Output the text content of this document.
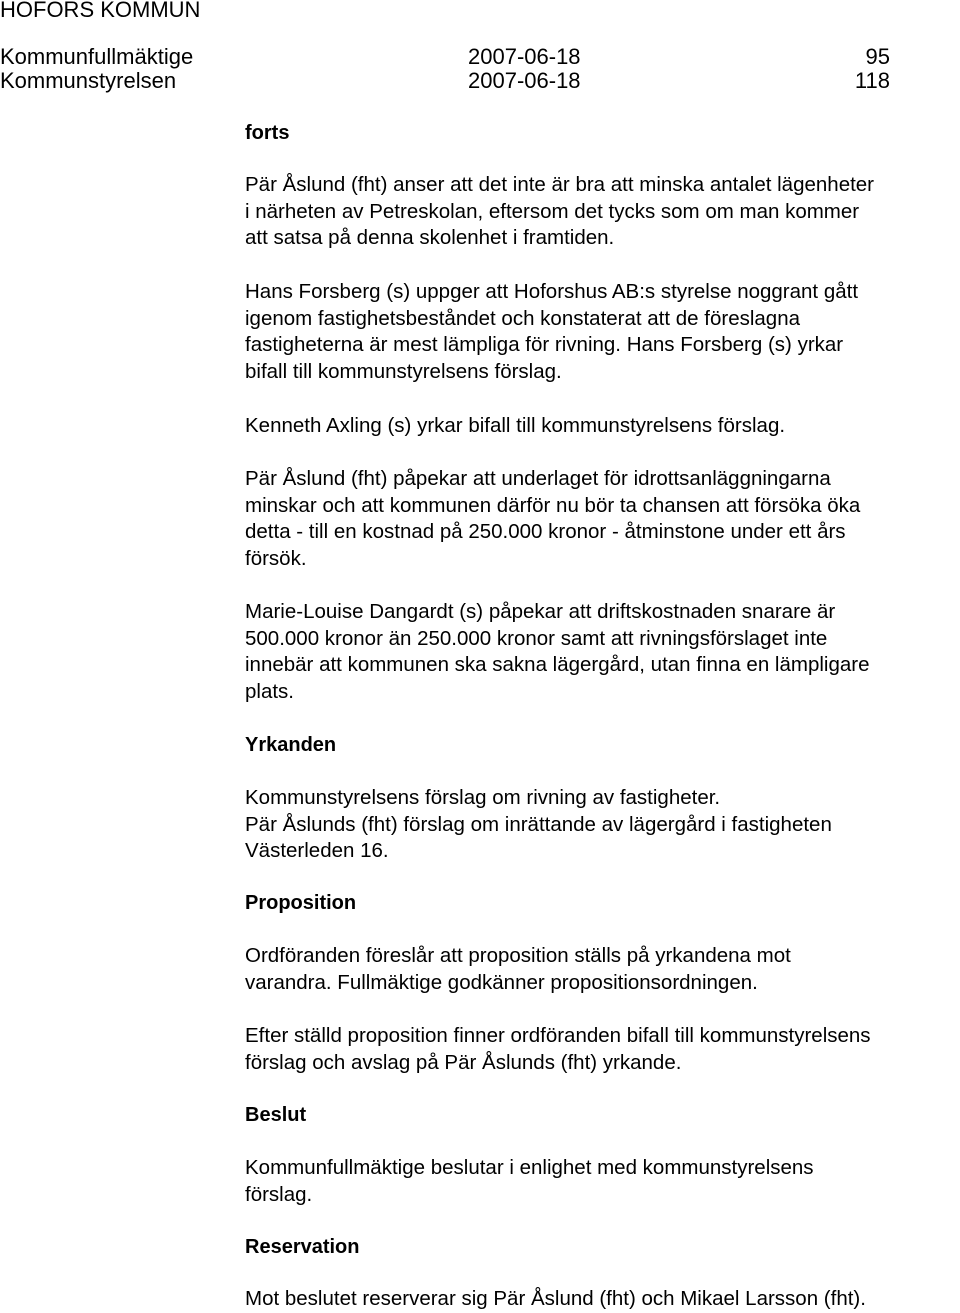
HOFORS KOMMUN
Kommunfullmäktige	2007-06-18	95
Kommunstyrelsen	2007-06-18	118
forts
Pär Åslund (fht) anser att det inte är bra att minska antalet lägenheter
i närheten av Petreskolan, eftersom det tycks som om man kommer
att satsa på denna skolenhet i framtiden.
Hans Forsberg (s) uppger att Hoforshus AB:s styrelse noggrant gått
igenom fastighetsbeståndet och konstaterat att de föreslagna
fastigheterna är mest lämpliga för rivning. Hans Forsberg (s) yrkar
bifall till kommunstyrelsens förslag.
Kenneth Axling (s) yrkar bifall till kommunstyrelsens förslag.
Pär Åslund (fht) påpekar att underlaget för idrottsanläggningarna
minskar och att kommunen därför nu bör ta chansen att försöka öka
detta - till en kostnad på 250.000 kronor - åtminstone under ett års
försök.
Marie-Louise Dangardt (s) påpekar att driftskostnaden snarare är
500.000 kronor än 250.000 kronor samt att rivningsförslaget inte
innebär att kommunen ska sakna lägergård, utan finna en lämpligare
plats.
Yrkanden
Kommunstyrelsens förslag om rivning av fastigheter.
Pär Åslunds (fht) förslag om inrättande av lägergård i fastigheten
Västerleden 16.
Proposition
Ordföranden föreslår att proposition ställs på yrkandena mot
varandra. Fullmäktige godkänner propositionsordningen.
Efter ställd proposition finner ordföranden bifall till kommunstyrelsens
förslag och avslag på Pär Åslunds (fht) yrkande.
Beslut
Kommunfullmäktige beslutar i enlighet med kommunstyrelsens
förslag.
Reservation
Mot beslutet reserverar sig Pär Åslund (fht) och Mikael Larsson (fht).
